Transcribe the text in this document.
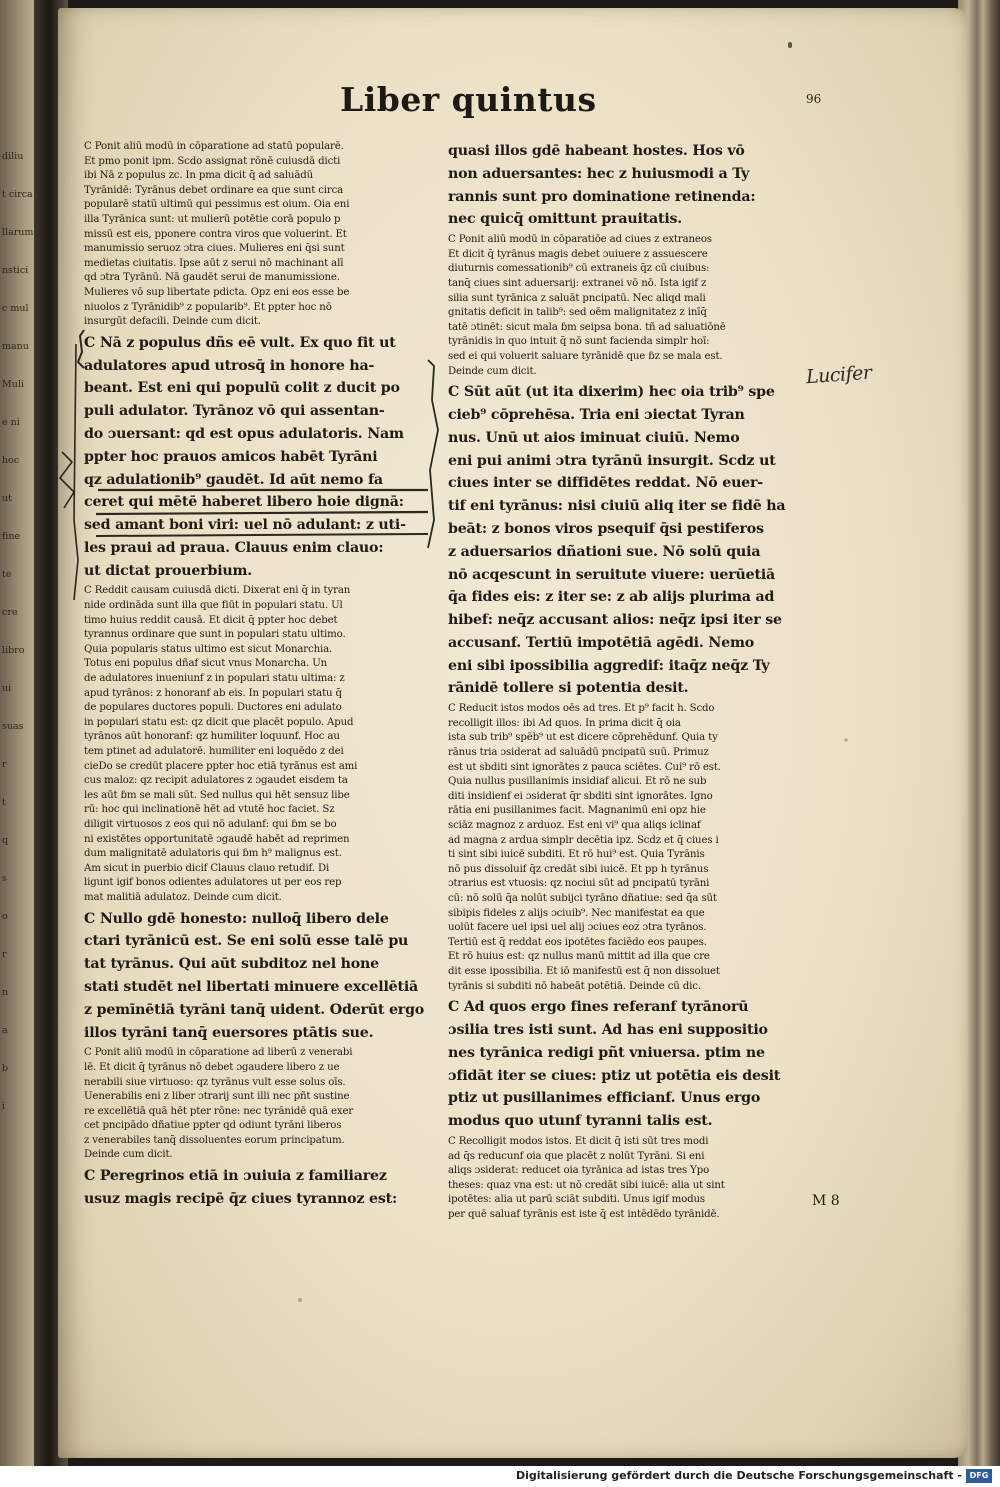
diliu
t circa
llarum
nstici
c mul
manu
Muli
e ni
hoc
ut
fine
te
cre
libro
ui
suas
r
t
q
s
o
r
n
a
b
i
Liber quintus	96
C Ponit aliū modū in cōparatione ad statū popularē.
Et pmo ponit ipm. Scdo assignat rōnē cuiusdā dicti
ibi Nā z populus zc. In pma dicit q̄ ad saluādū
Tyrānidē: Tyrānus debet ordinare ea que sunt circa
popularē statū ultimū qui pessimus est oium. Oia eni
illa Tyrānica sunt: ut mulierū potētie corā populo p
missū est eis, pponere contra viros que voluerint. Et
manumissio seruoz ɔtra ciues. Mulieres eni q̄si sunt
medietas ciuitatis. Ipse aūt z serui nō machinant alī
qd ɔtra Tyrānū. Nā gaudēt serui de manumissione.
Mulieres vō sup libertate pdicta. Opz eni eos esse be
niuolos z Tyrānidib⁹ z popularib⁹. Et ppter hoc nō
insurgūt defacili. Deinde cum dicit.
C Nā z populus dñs eē vult. Ex quo fit ut
adulatores apud utrosq̄ in honore ha-
beant. Est eni qui populū colit z ducit po
puli adulator. Tyrānoz vō qui assentan-
do ɔuersant: qd est opus adulatoris. Nam
ppter hoc prauos amicos habēt Tyrāni
qz adulationib⁹ gaudēt. Id aūt nemo fa
ceret qui mētē haberet libero hoie dignā:
sed amant boni viri: uel nō adulant: z uti-
les praui ad praua. Clauus enim clauo:
ut dictat prouerbium.
C Reddit causam cuiusdā dicti. Dixerat eni q̄ in tyran
nide ordināda sunt illa que fiūt in populari statu. Ul
timo huius reddit causā. Et dicit q̄ ppter hoc debet
tyrannus ordinare que sunt in populari statu ultimo.
Quia popularis status ultimo est sicut Monarchia.
Totus eni populus dñaf sicut vnus Monarcha. Un
de adulatores inueniunf z in populari statu ultima: z
apud tyrānos: z honoranf ab eis. In populari statu q̄
de populares ductores populi. Ductores eni adulato
in populari statu est: qz dicit que placēt populo. Apud
tyrānos aūt honoranf: qz humiliter loquunf. Hoc au
tem ptinet ad adulatorē. humiliter eni loquēdo z dei
cieDo se credūt placere ppter hoc etiā tyrānus est ami
cus maloz: qz recipit adulatores z ɔgaudet eisdem ta
les aūt ɓm se mali sūt. Sed nullus qui hēt sensuz libe
rū: hoc qui inclinationē hēt ad vtutē hoc faciet. Sz
diligit virtuosos z eos qui nō adulanf: qui ɓm se bo
ni existētes opportunitatē ɔgaudē habēt ad reprimen
dum malignitatē adulatoris qui ɓm h⁹ malignus est.
Am sicut in puerbio dicif Clauus clauo retudif. Di
ligunt igif bonos odientes adulatores ut per eos rep
mat malitiā adulatoz. Deinde cum dicit.
C Nullo gdē honesto: nulloq̄ libero dele
ctari tyrānicū est. Se eni solū esse talē pu
tat tyrānus. Qui aūt subditoz nel hone
stati studēt nel libertati minuere excellētiā
z pemīnētiā tyrāni tanq̄ uident. Oderūt ergo
illos tyrāni tanq̄ euersores ptātis sue.
C Ponit aliū modū in cōparatione ad liberū z venerabi
lē. Et dicit q̄ tyrānus nō debet ɔgaudere libero z ue
nerabili siue virtuoso: qz tyrānus vult esse solus oīs.
Uenerabilis eni z liber ɔtrarij sunt illi nec pñt sustine
re excellētiā quā hēt pter rōne: nec tyrānidē quā exer
cet pncipādo dñatiue ppter qd odiunt tyrāni liberos
z venerabiles tanq̄ dissoluentes eorum principatum.
Deinde cum dicit.
C Peregrinos etiā in ɔuiuia z familiarez
usuz magis recipē q̄z ciues tyrannoz est:
quasi illos gdē habeant hostes. Hos vō
non aduersantes: hec z huiusmodi a Ty
rannis sunt pro dominatione retinenda:
nec quicq̄ omittunt prauitatis.
C Ponit aliū modū in cōparatiōe ad ciues z extraneos
Et dicit q̄ tyrānus magis debet ɔuiuere z assuescere
diuturnis comessationib⁹ cū extraneis q̄z cū ciuibus:
tanq̄ ciues sint aduersarij: extranei vō nō. Ista igif z
silia sunt tyrānica z saluāt pncipatū. Nec aliqd mali
gnitatis deficit in talib⁹: sed oēm malignitatez z inīq̄
tatē ɔtinēt: sicut mala ɓm seipsa bona. tñ ad saluatiōnē
tyrānidis in quo intuit q̄ nō sunt facienda simplr hoī:
sed ei qui voluerit saluare tyrānidē que ɓz se mala est.
Deinde cum dicit.
C Sūt aūt (ut ita dixerim) hec oia trib⁹ spe
cieb⁹ cōprehēsa. Tria eni ɔiectat Tyran
nus. Unū ut aios iminuat ciuiū. Nemo
eni pui animi ɔtra tyrānū insurgit. Scdz ut
ciues inter se diffidētes reddat. Nō euer-
tif eni tyrānus: nisi ciuiū aliq iter se fidē ha
beāt: z bonos viros psequif q̄si pestiferos
z aduersarios dñationi sue. Nō solū quia
nō acqescunt in seruitute viuere: uerūetiā
q̄a fides eis: z iter se: z ab alijs plurima ad
hibef: neq̄z accusant alios: neq̄z ipsi iter se
accusanf. Tertiū impotētiā agēdi. Nemo
eni sibi ipossibilia aggredif: itaq̄z neq̄z Ty
rānidē tollere si potentia desit.
C Reducit istos modos oēs ad tres. Et p⁹ facit h. Scdo
recolligit illos: ibi Ad quos. In prima dicit q̄ oia
ista sub trib⁹ spēb⁹ ut est dicere cōprehēdunf. Quia ty
rānus tria ɔsiderat ad saluādū pncipatū suū. Primuz
est ut sbditi sint ignorātes z pauca sciētes. Cui⁹ rō est.
Quia nullus pusillanimis insidiaf alicui. Et rō ne sub
diti insidienf ei ɔsiderat q̄r sbditi sint ignorātes. Igno
rātia eni pusillanimes facit. Magnanimū eni opz hie
sciāz magnoz z arduoz. Est eni vi⁹ qua aliqs iclinaf
ad magna z ardua simplr decētia ipz. Scdz et q̄ ciues i
ti sint sibi iuicē subditi. Et rō hui⁹ est. Quia Tyrānis
nō pus dissoluif q̄z credāt sibi iuicē. Et pp h tyrānus
ɔtrarius est vtuosis: qz nociui sūt ad pncipatū tyrāni
cū: nō solū q̄a nolūt subijci tyrāno dñatiue: sed q̄a sūt
sibipis fideles z alijs ɔciuib⁹. Nec manifestat ea que
uolūt facere uel ipsi uel alij ɔciues eoz ɔtra tyrānos.
Tertiū est q̄ reddat eos ipotētes faciēdo eos paupes.
Et rō huius est: qz nullus manū mittit ad illa que cre
dit esse ipossibilia. Et iō manifestū est q̄ non dissoluet
tyrānis si subditi nō habeāt potētiā. Deinde cū dic.
C Ad quos ergo fines referanf tyrānorū
ɔsilia tres isti sunt. Ad has eni suppositio
nes tyrānica redigi pñt vniuersa. ptim ne
ɔfidāt iter se ciues: ptiz ut potētia eis desit
ptiz ut pusillanimes efficianf. Unus ergo
modus quo utunf tyranni talis est.
C Recolligit modos istos. Et dicit q̄ isti sūt tres modi
ad q̄s reducunf oia que placēt z nolūt Tyrāni. Si eni
aliqs ɔsiderat: reducet oia tyrānica ad istas tres Ypo
theses: quaz vna est: ut nō credāt sibi iuicē: alia ut sint
ipotētes: alia ut parū sciāt subditi. Unus igif modus
per quē saluaf tyrānis est iste q̄ est intēdēdo tyrānidē.
M 8
Lucifer
Digitalisierung gefördert durch die Deutsche Forschungsgemeinschaft - DFG
